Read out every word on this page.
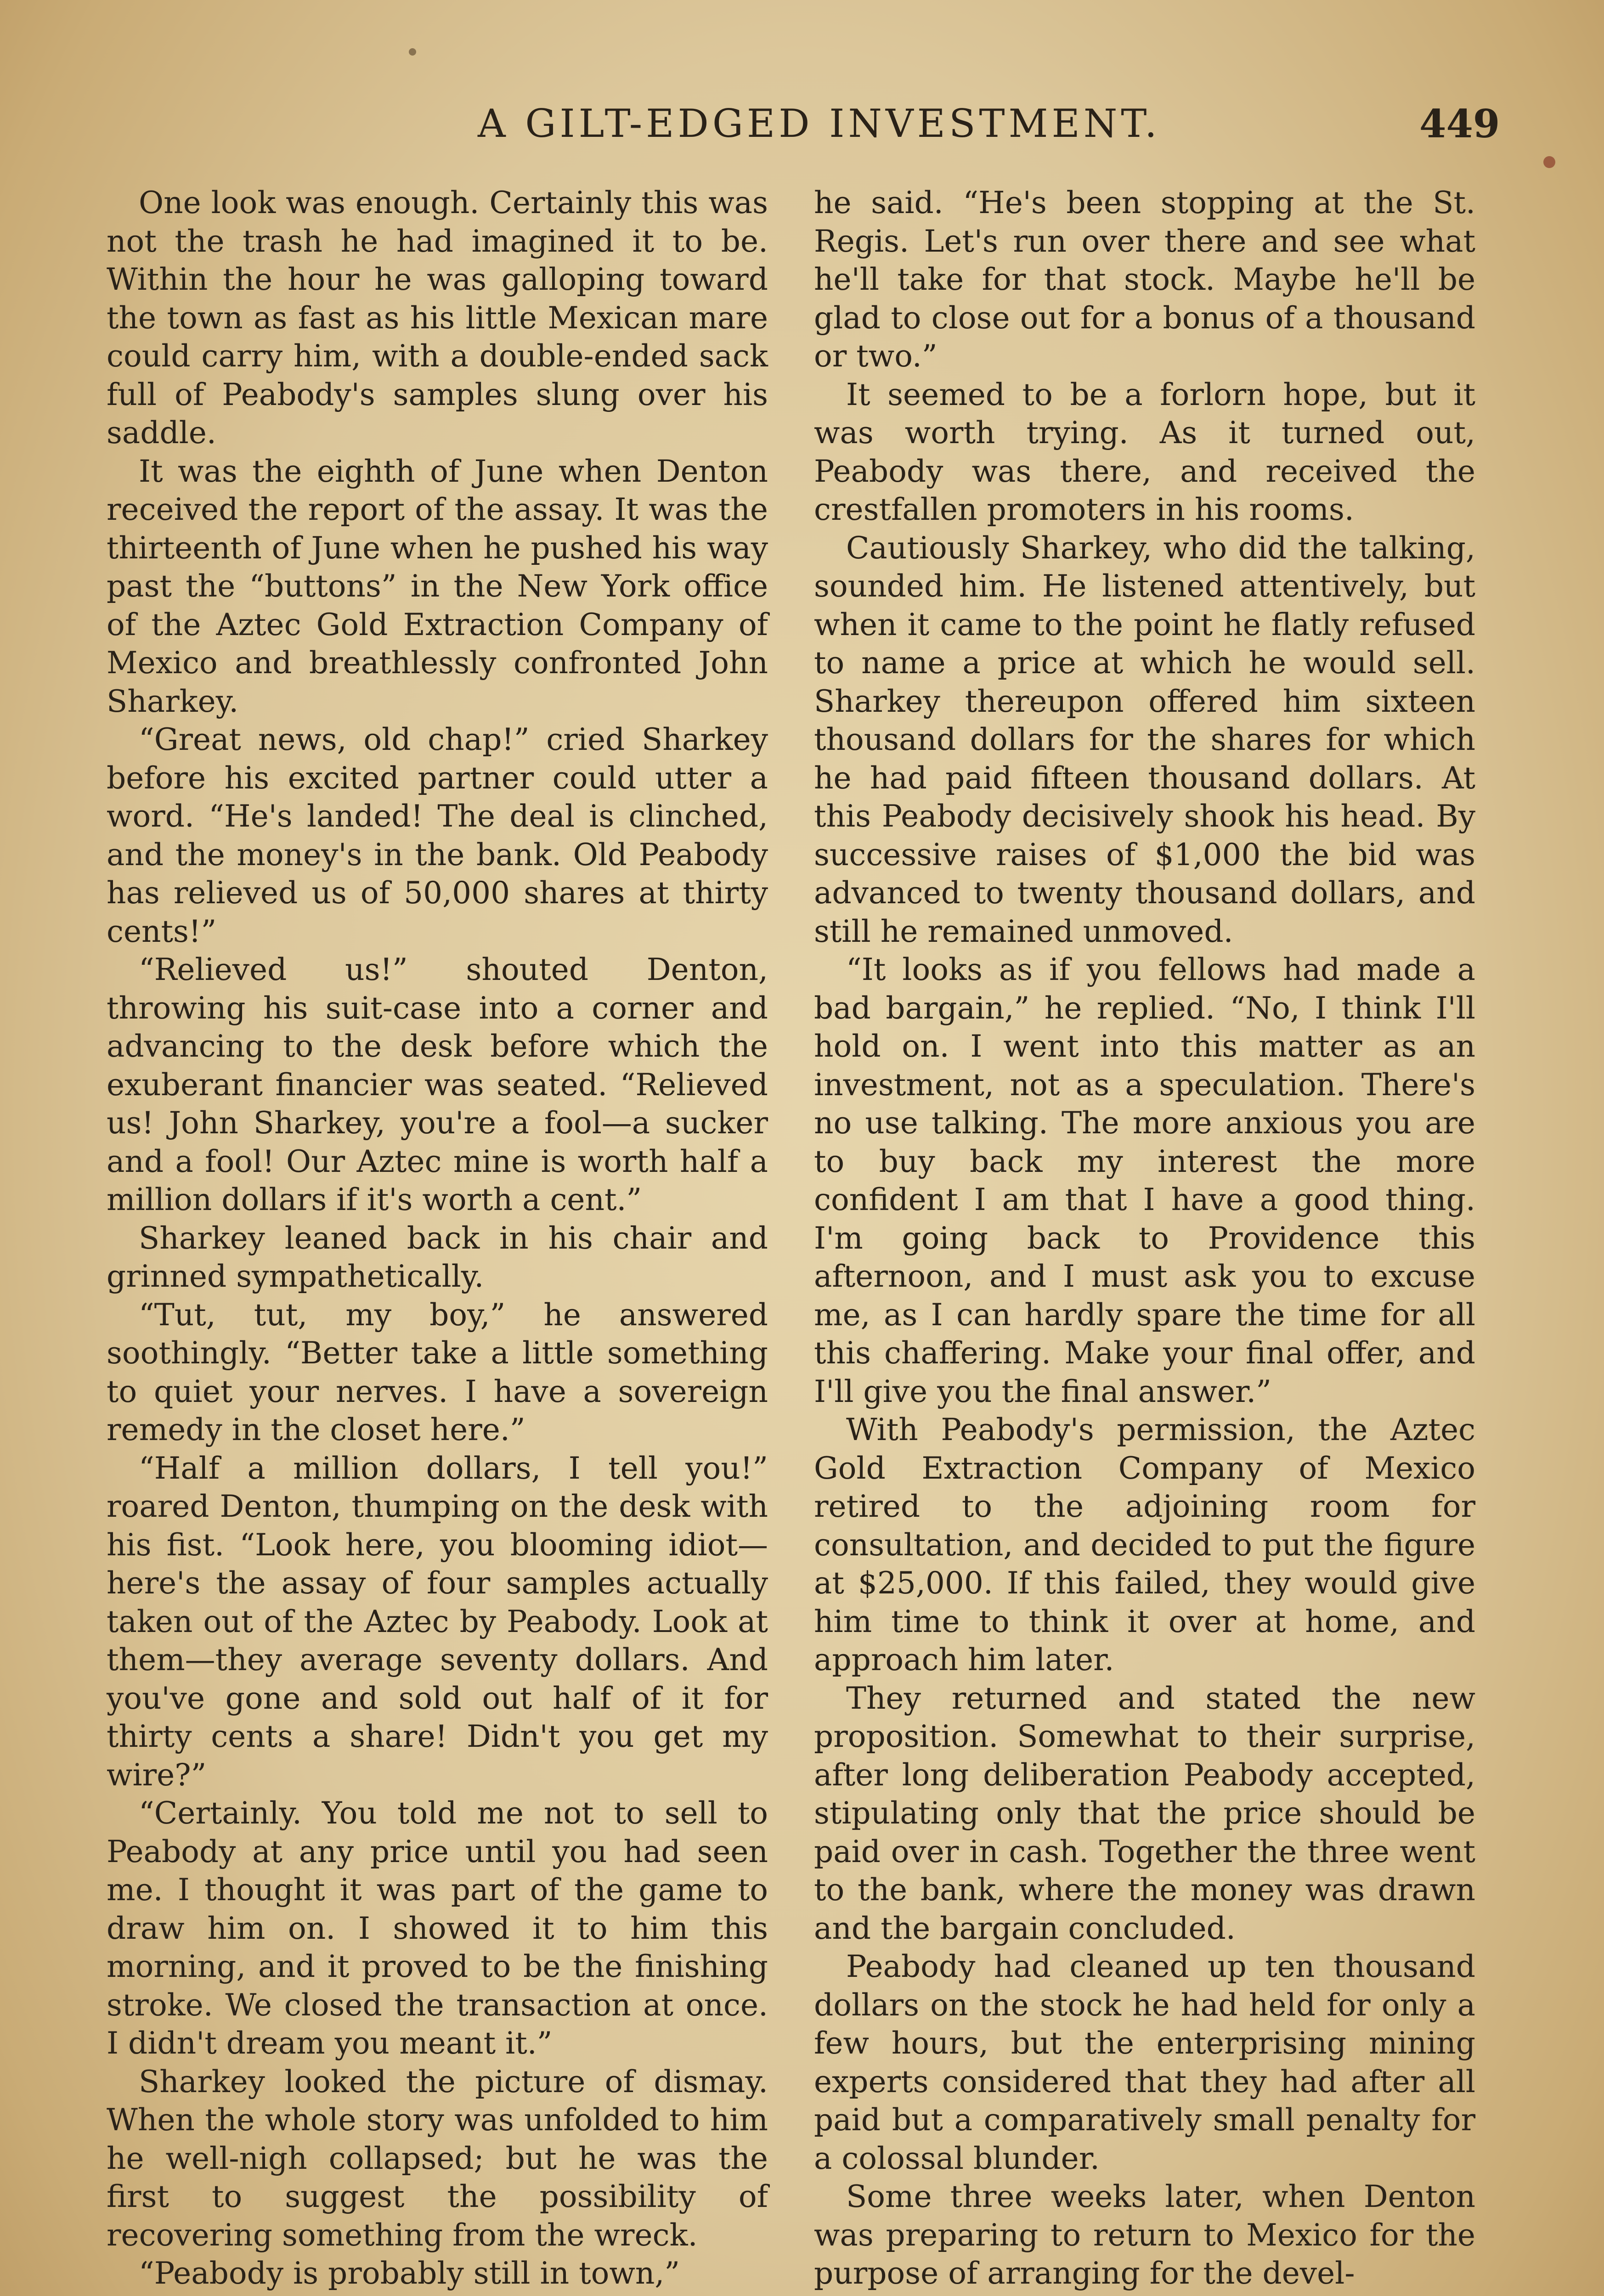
A GILT-EDGED INVESTMENT.	449

One look was enough. Certainly this was not the trash he had imagined it to be. Within the hour he was galloping toward the town as fast as his little Mexican mare could carry him, with a double-ended sack full of Peabody's samples slung over his saddle.

It was the eighth of June when Denton received the report of the assay. It was the thirteenth of June when he pushed his way past the “buttons” in the New York office of the Aztec Gold Extraction Company of Mexico and breathlessly confronted John Sharkey.

“Great news, old chap!” cried Sharkey before his excited partner could utter a word. “He's landed! The deal is clinched, and the money's in the bank. Old Peabody has relieved us of 50,000 shares at thirty cents!”

“Relieved us!” shouted Denton, throwing his suit-case into a corner and advancing to the desk before which the exuberant financier was seated. “Relieved us! John Sharkey, you're a fool—a sucker and a fool! Our Aztec mine is worth half a million dollars if it's worth a cent.”

Sharkey leaned back in his chair and grinned sympathetically.

“Tut, tut, my boy,” he answered soothingly. “Better take a little something to quiet your nerves. I have a sovereign remedy in the closet here.”

“Half a million dollars, I tell you!” roared Denton, thumping on the desk with his fist. “Look here, you blooming idiot—here's the assay of four samples actually taken out of the Aztec by Peabody. Look at them—they average seventy dollars. And you've gone and sold out half of it for thirty cents a share! Didn't you get my wire?”

“Certainly. You told me not to sell to Peabody at any price until you had seen me. I thought it was part of the game to draw him on. I showed it to him this morning, and it proved to be the finishing stroke. We closed the transaction at once. I didn't dream you meant it.”

Sharkey looked the picture of dismay. When the whole story was unfolded to him he well-nigh collapsed; but he was the first to suggest the possibility of recovering something from the wreck.

“Peabody is probably still in town,”

he said. “He's been stopping at the St. Regis. Let's run over there and see what he'll take for that stock. Maybe he'll be glad to close out for a bonus of a thousand or two.”

It seemed to be a forlorn hope, but it was worth trying. As it turned out, Peabody was there, and received the crestfallen promoters in his rooms.

Cautiously Sharkey, who did the talking, sounded him. He listened attentively, but when it came to the point he flatly refused to name a price at which he would sell. Sharkey thereupon offered him sixteen thousand dollars for the shares for which he had paid fifteen thousand dollars. At this Peabody decisively shook his head. By successive raises of $1,000 the bid was advanced to twenty thousand dollars, and still he remained unmoved.

“It looks as if you fellows had made a bad bargain,” he replied. “No, I think I'll hold on. I went into this matter as an investment, not as a speculation. There's no use talking. The more anxious you are to buy back my interest the more confident I am that I have a good thing. I'm going back to Providence this afternoon, and I must ask you to excuse me, as I can hardly spare the time for all this chaffering. Make your final offer, and I'll give you the final answer.”

With Peabody's permission, the Aztec Gold Extraction Company of Mexico retired to the adjoining room for consultation, and decided to put the figure at $25,000. If this failed, they would give him time to think it over at home, and approach him later.

They returned and stated the new proposition. Somewhat to their surprise, after long deliberation Peabody accepted, stipulating only that the price should be paid over in cash. Together the three went to the bank, where the money was drawn and the bargain concluded.

Peabody had cleaned up ten thousand dollars on the stock he had held for only a few hours, but the enterprising mining experts considered that they had after all paid but a comparatively small penalty for a colossal blunder.

Some three weeks later, when Denton was preparing to return to Mexico for the purpose of arranging for the devel-
